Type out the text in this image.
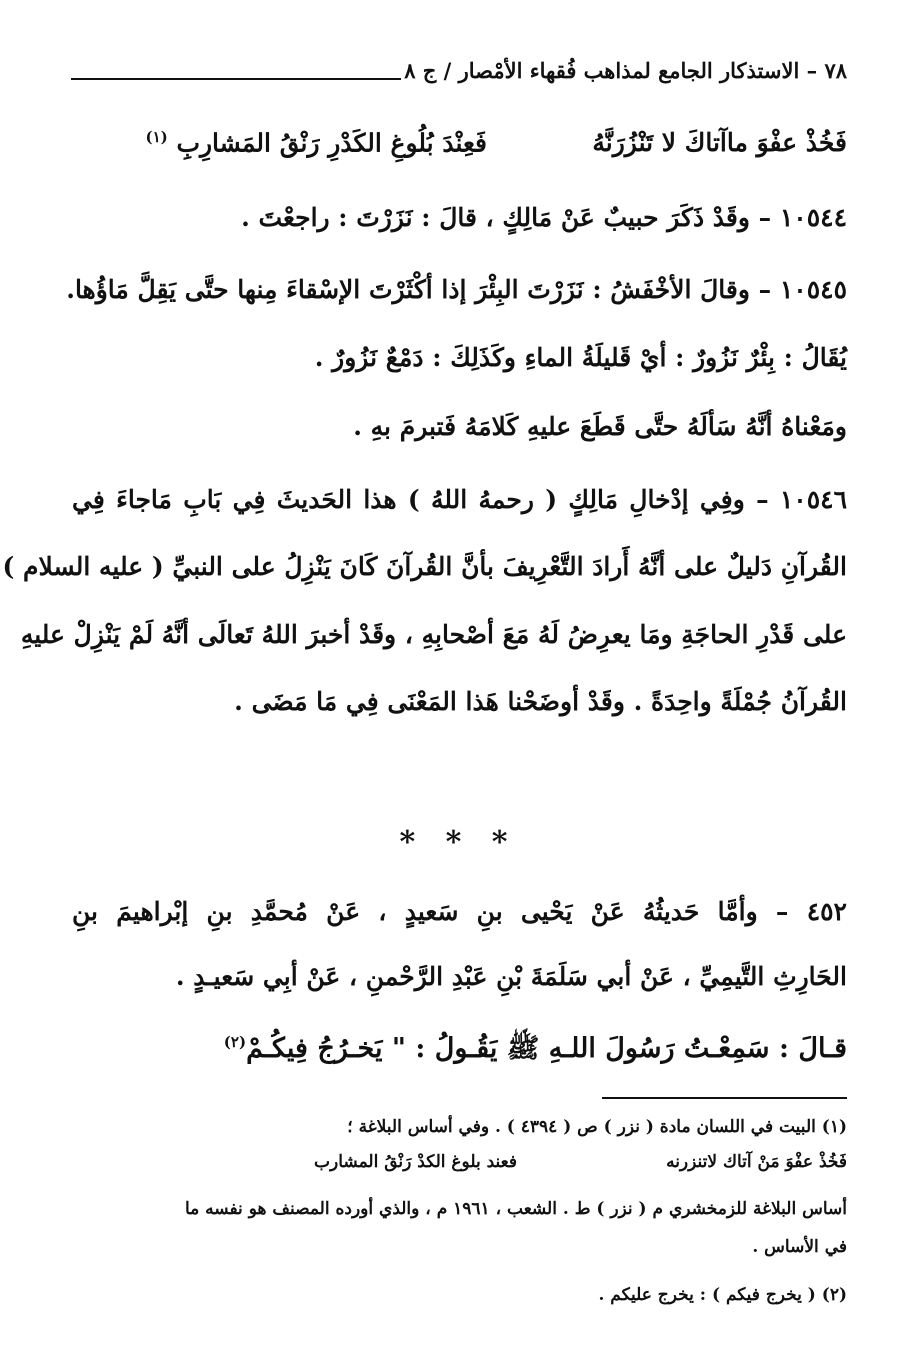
٧٨ – الاستذكار الجامع لمذاهب فُقهاء الأمْصار / ج ٨
فَخُذْ عفْوَ ماآتاكَ لا تَنْزُرَنَّهُ
فَعِنْدَ بُلُوغِ الكَدْرِ رَنْقُ المَشارِبِ $^{(١)}$
١٠٥٤٤ – وقَدْ ذَكَرَ حبيبٌ عَنْ مَالِكٍ ، قالَ : نَزَرْتَ : راجعْتَ .
١٠٥٤٥ – وقالَ الأخْفَشُ : نَزَرْتَ البِئْرَ إذا أكْثَرْتَ الإسْقاءَ مِنها حتَّى يَقِلَّ مَاؤُها.
يُقَالُ : بِئْرٌ نَزُورٌ : أيْ قَليلَةُ الماءِ وكَذَلِكَ : دَمْعٌ نَزُورٌ .
ومَعْناهُ أنَّهُ سَألَهُ حتَّى قَطَعَ عليهِ كَلامَهُ فَتبرمَ بهِ .
١٠٥٤٦ – وفِي إدْخالِ مَالِكٍ ( رحمهُ اللهُ ) هذا الحَديثَ فِي بَابِ مَاجاءَ فِي
القُرآنِ دَليلٌ على أنَّهُ أَرادَ التَّعْرِيفَ بأنَّ القُرآنَ كَانَ يَنْزِلُ على النبيِّ ( عليه السلام )
على قَدْرِ الحاجَةِ ومَا يعرِضُ لَهُ مَعَ أصْحابِهِ ، وقَدْ أخبرَ اللهُ تَعالَى أنَّهُ لَمْ يَنْزِلْ عليهِ
القُرآنُ جُمْلَةً واحِدَةً . وقَدْ أوضَحْنا هَذا المَعْنَى فِي مَا مَضَى .
* * *
٤٥٢ – وأمَّا حَديثُهُ عَنْ يَحْيى بنِ سَعيدٍ ، عَنْ مُحمَّدِ بنِ إبْراهيمَ بنِ
الحَارِثِ التَّيمِيِّ ، عَنْ أبي سَلَمَةَ بْنِ عَبْدِ الرَّحْمنِ ، عَنْ أبِي سَعيـدٍ .
قـالَ : سَمِعْـتُ رَسُولَ اللـهِ ﷺ يَقُـولُ : " يَخـرُجُ فِيكُـمْ$^{(٢)}$
(١) البيت في اللسان مادة ( نزر ) ص ( ٤٣٩٤ ) . وفي أساس البلاغة ؛
فَخُذْ عفْوَ مَنْ آتاك لاتنزرنه
فعند بلوغ الكدْ رَنْقُ المشارب
أساس البلاغة للزمخشري م ( نزر ) ط . الشعب ، ١٩٦١ م ، والذي أورده المصنف هو نفسه ما
في الأساس .
(٢) ( يخرج فيكم ) : يخرج عليكم .
